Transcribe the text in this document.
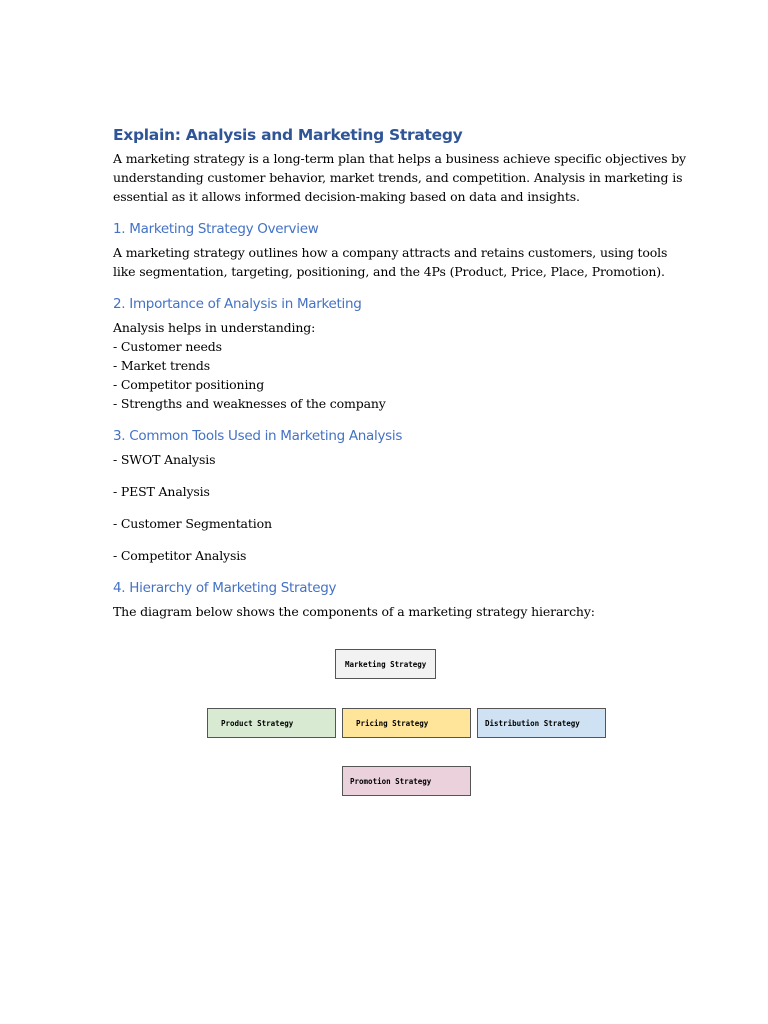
Explain: Analysis and Marketing Strategy
A marketing strategy is a long-term plan that helps a business achieve specific objectives by
understanding customer behavior, market trends, and competition. Analysis in marketing is
essential as it allows informed decision-making based on data and insights.
1. Marketing Strategy Overview
A marketing strategy outlines how a company attracts and retains customers, using tools
like segmentation, targeting, positioning, and the 4Ps (Product, Price, Place, Promotion).
2. Importance of Analysis in Marketing
Analysis helps in understanding:
- Customer needs
- Market trends
- Competitor positioning
- Strengths and weaknesses of the company
3. Common Tools Used in Marketing Analysis
- SWOT Analysis
- PEST Analysis
- Customer Segmentation
- Competitor Analysis
4. Hierarchy of Marketing Strategy
The diagram below shows the components of a marketing strategy hierarchy:
Marketing Strategy
Product Strategy	Pricing Strategy	Distribution Strategy
Promotion Strategy
